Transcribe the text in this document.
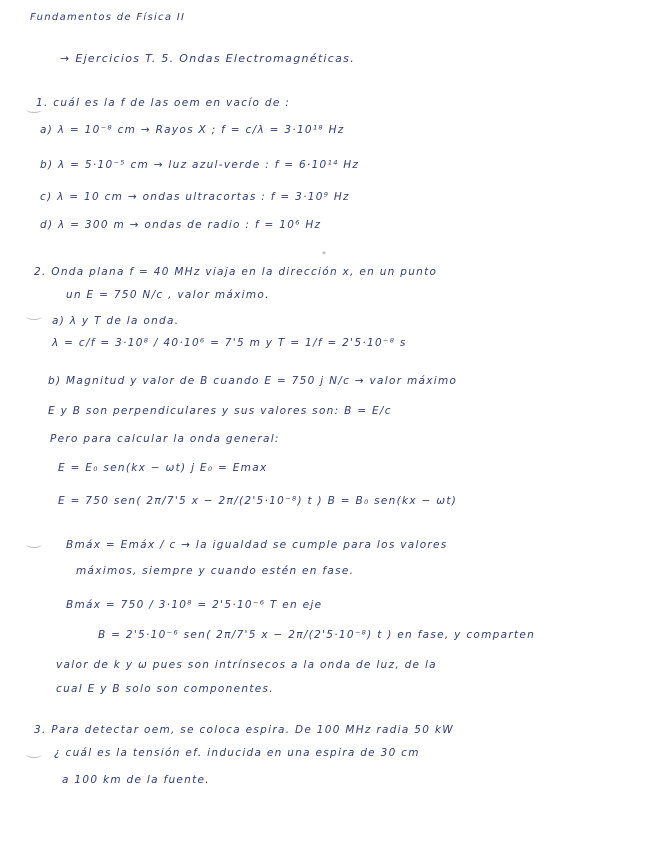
Fundamentos de Física II
→ Ejercicios T. 5. Ondas Electromagnéticas.
1. cuál es la f de las oem en vacío de :
a) λ = 10⁻⁸ cm → Rayos X ; f = c/λ = 3·10¹⁸ Hz
b) λ = 5·10⁻⁵ cm → luz azul-verde : f = 6·10¹⁴ Hz
c) λ = 10 cm → ondas ultracortas : f = 3·10⁹ Hz
d) λ = 300 m → ondas de radio : f = 10⁶ Hz
*
2. Onda plana f = 40 MHz viaja en la dirección x, en un punto
un E = 750 N/c , valor máximo.
a) λ y T de la onda.
λ = c/f = 3·10⁸ / 40·10⁶ = 7'5 m y T = 1/f = 2'5·10⁻⁸ s
b) Magnitud y valor de B cuando E = 750 j N/c → valor máximo
E y B son perpendiculares y sus valores son: B = E/c
Pero para calcular la onda general:
E = E₀ sen(kx − ωt) j E₀ = Emax
E = 750 sen( 2π/7'5 x − 2π/(2'5·10⁻⁸) t ) B = B₀ sen(kx − ωt)
Bmáx = Emáx / c → la igualdad se cumple para los valores
máximos, siempre y cuando estén en fase.
Bmáx = 750 / 3·10⁸ = 2'5·10⁻⁶ T en eje
B = 2'5·10⁻⁶ sen( 2π/7'5 x − 2π/(2'5·10⁻⁸) t ) en fase, y comparten
valor de k y ω pues son intrínsecos a la onda de luz, de la
cual E y B solo son componentes.
3. Para detectar oem, se coloca espira. De 100 MHz radia 50 kW
¿ cuál es la tensión ef. inducida en una espira de 30 cm
a 100 km de la fuente.
